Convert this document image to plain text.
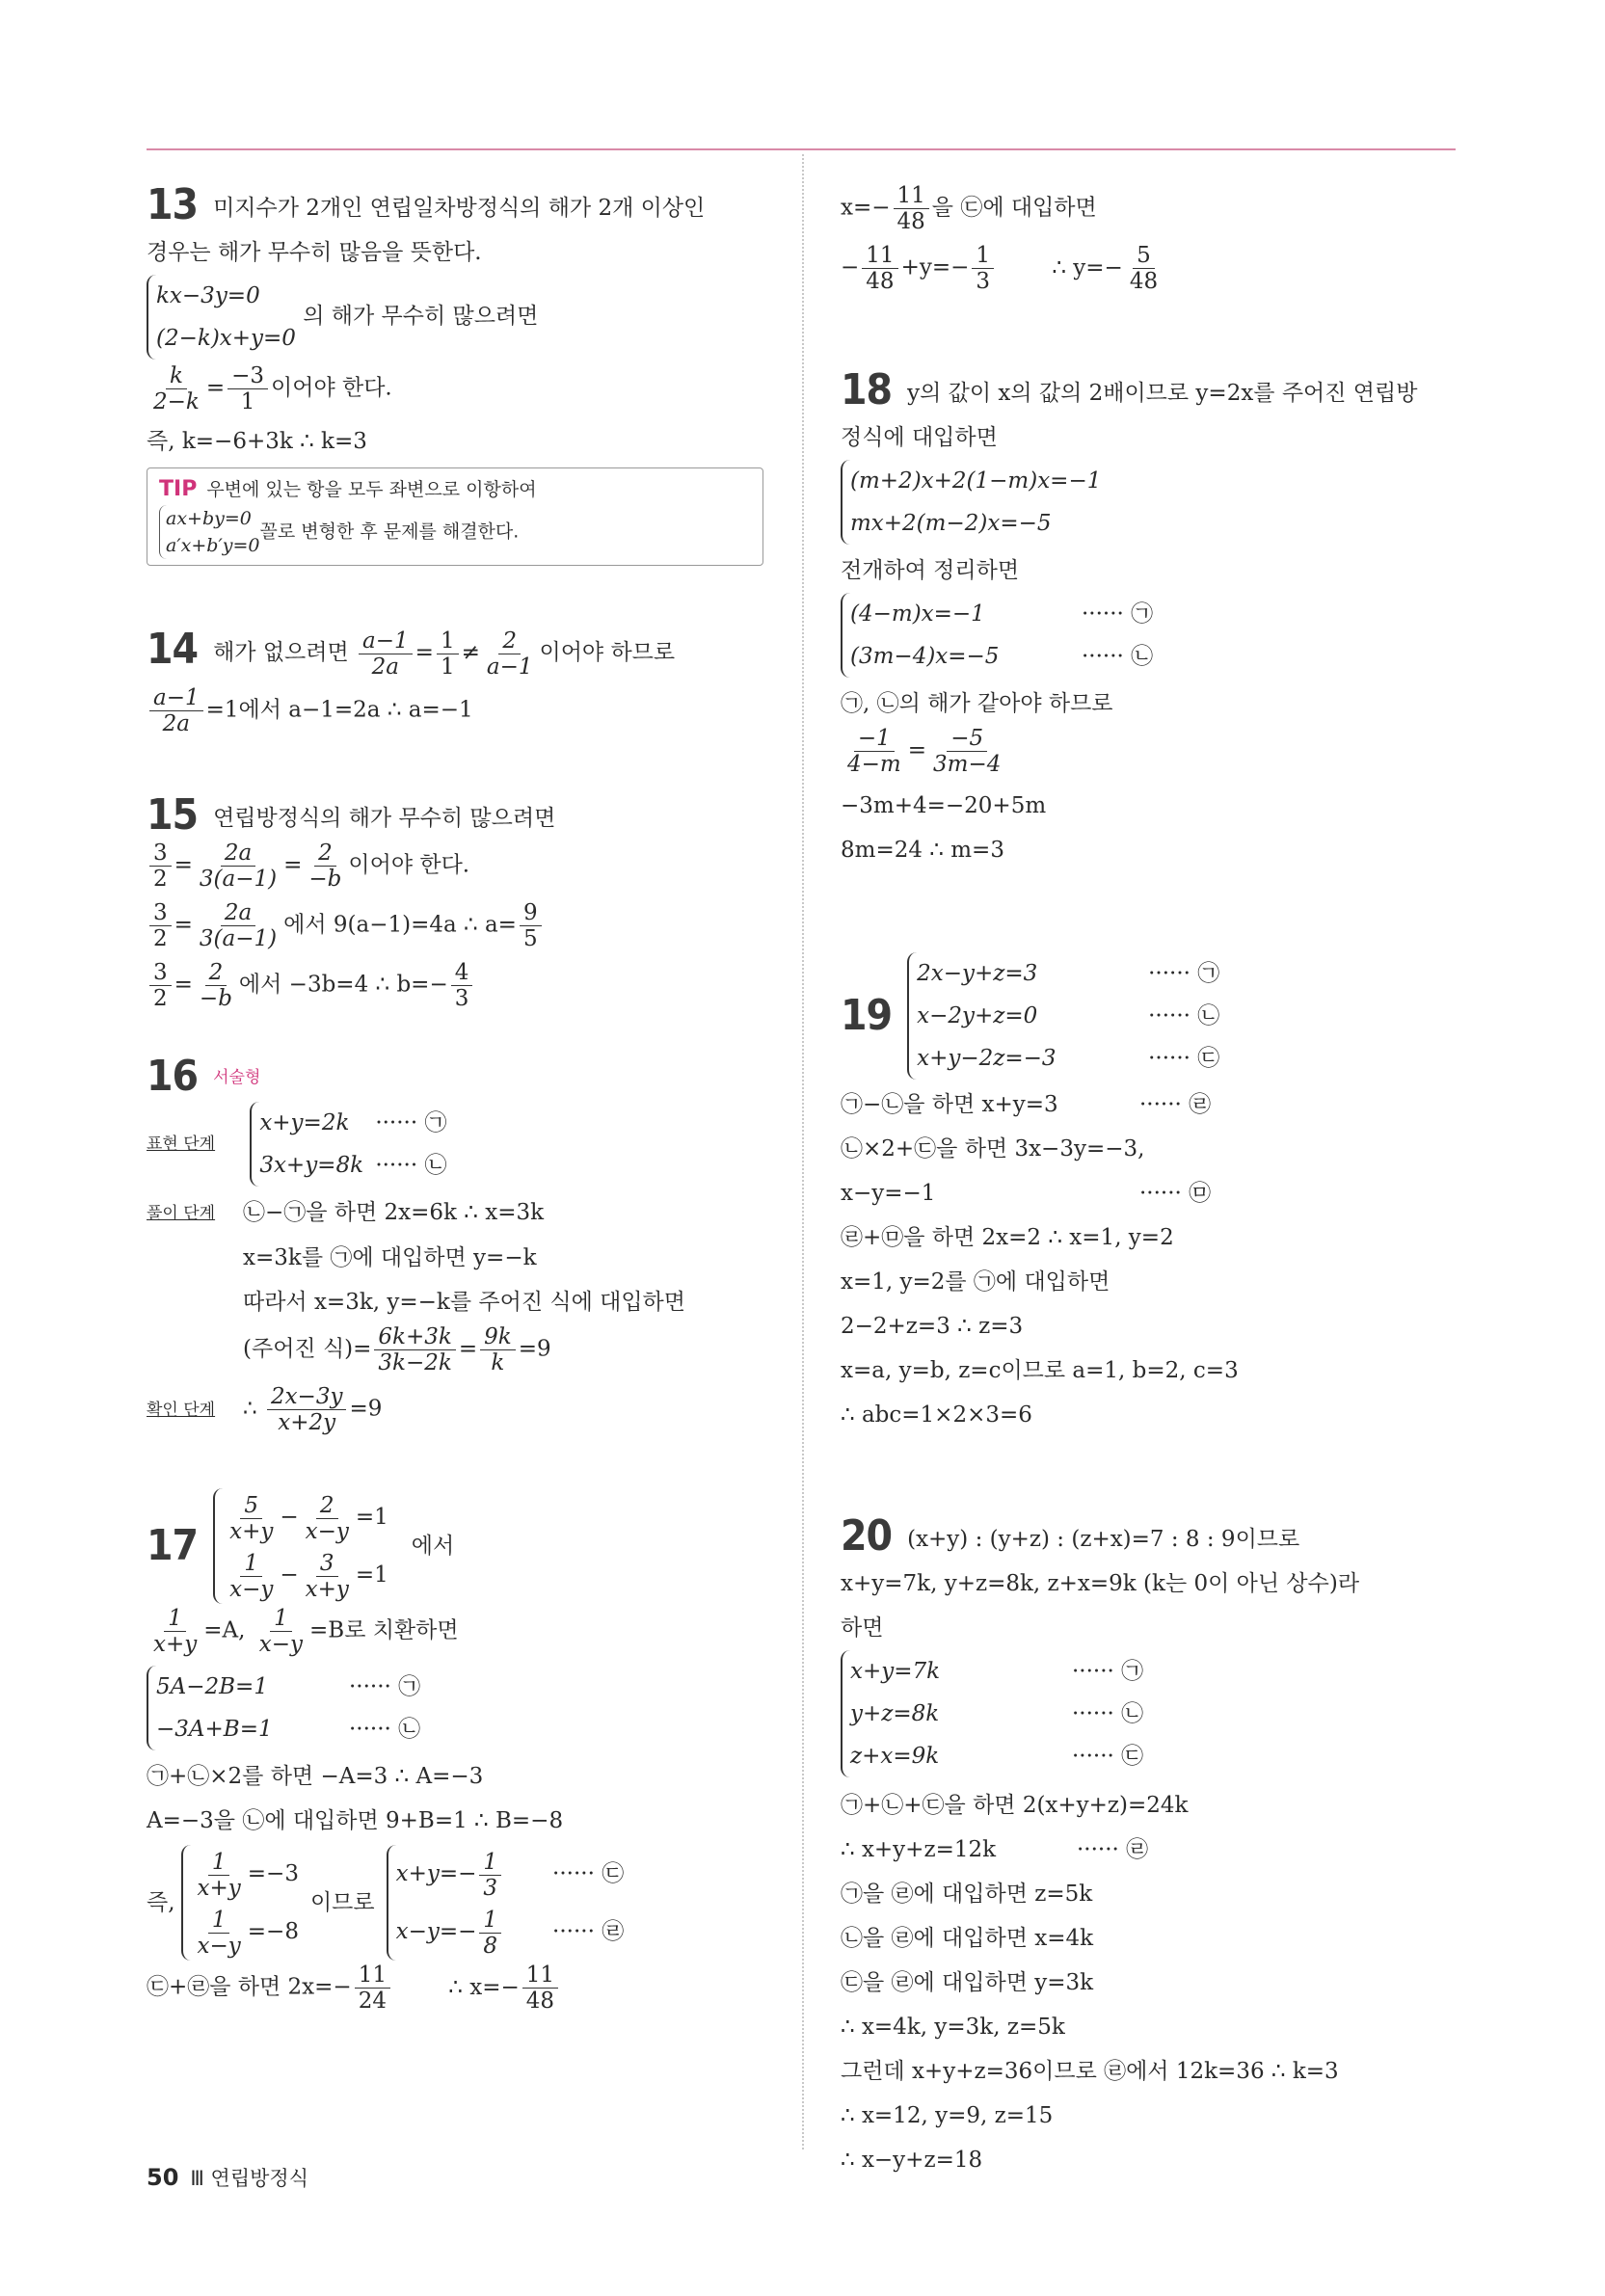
13 미지수가 2개인 연립일차방정식의 해가 2개 이상인
경우는 해가 무수히 많음을 뜻한다.
kx−3y=0
(2−k)x+y=0
의 해가 무수히 많으려면
$\frac{k}{2-k} = \frac{-3}{1}$ 이어야 한다.
즉, k=−6+3k ∴ k=3
TIP 우변에 있는 항을 모두 좌변으로 이항하여
ax+by=0
a′x+b′y=0
꼴로 변형한 후 문제를 해결한다.
14 해가 없으려면 $\frac{a-1}{2a} = \frac{1}{1} \ne \frac{2}{a-1}$ 이어야 하므로
$\frac{a-1}{2a} =1$에서 a−1=2a ∴ a=−1
15 연립방정식의 해가 무수히 많으려면
$\frac{3}{2} = \frac{2a}{3(a-1)} = \frac{2}{-b}$ 이어야 한다.
$\frac{3}{2} = \frac{2a}{3(a-1)}$ 에서 9(a−1)=4a ∴ $a= \frac{9}{5}$
$\frac{3}{2} = \frac{2}{-b}$ 에서 −3b=4 ∴ $b=- \frac{4}{3}$
16 서술형
표현 단계
x+y=2k ······ ㉠
3x+y=8k ······ ㉡
풀이 단계 ㉡−㉠을 하면 2x=6k ∴ x=3k
x=3k를 ㉠에 대입하면 y=−k
따라서 x=3k, y=−k를 주어진 식에 대입하면
(주어진 식)= $\frac{6k+3k}{3k-2k} = \frac{9k}{k} =9$
확인 단계 ∴ $\frac{2x-3y}{x+2y} =9$
17
$\frac{5}{x+y} - \frac{2}{x-y} =1$
$\frac{1}{x-y} - \frac{3}{x+y} =1$
에서
$\frac{1}{x+y} =A$, $\frac{1}{x-y} =B$로 치환하면
5A−2B=1	······ ㉠
−3A+B=1	······ ㉡
㉠+㉡×2를 하면 −A=3 ∴ A=−3
A=−3을 ㉡에 대입하면 9+B=1 ∴ B=−8
즉,
$\frac{1}{x+y} =-3$
$\frac{1}{x-y} =-8$
이므로
$x+y=- \frac{1}{3}$ ······ ㉢
$x-y=- \frac{1}{8}$ ······ ㉣
㉢+㉣을 하면 $2x=- \frac{11}{24}$	∴ $x=- \frac{11}{48}$
$x=- \frac{11}{48}$ 을 ㉢에 대입하면
− $\frac{11}{48} +y=- \frac{1}{3}$	∴ $y=- \frac{5}{48}$
18 y의 값이 x의 값의 2배이므로 y=2x를 주어진 연립방
정식에 대입하면
(m+2)x+2(1−m)x=−1
mx+2(m−2)x=−5
전개하여 정리하면
(4−m)x=−1	······ ㉠
(3m−4)x=−5	······ ㉡
㉠, ㉡의 해가 같아야 하므로
$\frac{-1}{4-m} = \frac{-5}{3m-4}$
−3m+4=−20+5m
8m=24 ∴ m=3
19
2x−y+z=3	······ ㉠
x−2y+z=0	······ ㉡
x+y−2z=−3	······ ㉢
㉠−㉡을 하면 x+y=3	······ ㉣
㉡×2+㉢을 하면 3x−3y=−3,
x−y=−1	······ ㉤
㉣+㉤을 하면 2x=2 ∴ x=1, y=2
x=1, y=2를 ㉠에 대입하면
2−2+z=3 ∴ z=3
x=a, y=b, z=c이므로 a=1, b=2, c=3
∴ abc=1×2×3=6
20 (x+y) : (y+z) : (z+x)=7 : 8 : 9이므로
x+y=7k, y+z=8k, z+x=9k (k는 0이 아닌 상수)라
하면
x+y=7k	······ ㉠
y+z=8k	······ ㉡
z+x=9k	······ ㉢
㉠+㉡+㉢을 하면 2(x+y+z)=24k
∴ x+y+z=12k	······ ㉣
㉠을 ㉣에 대입하면 z=5k
㉡을 ㉣에 대입하면 x=4k
㉢을 ㉣에 대입하면 y=3k
∴ x=4k, y=3k, z=5k
그런데 x+y+z=36이므로 ㉣에서 12k=36 ∴ k=3
∴ x=12, y=9, z=15
∴ x−y+z=18
50 Ⅲ 연립방정식
